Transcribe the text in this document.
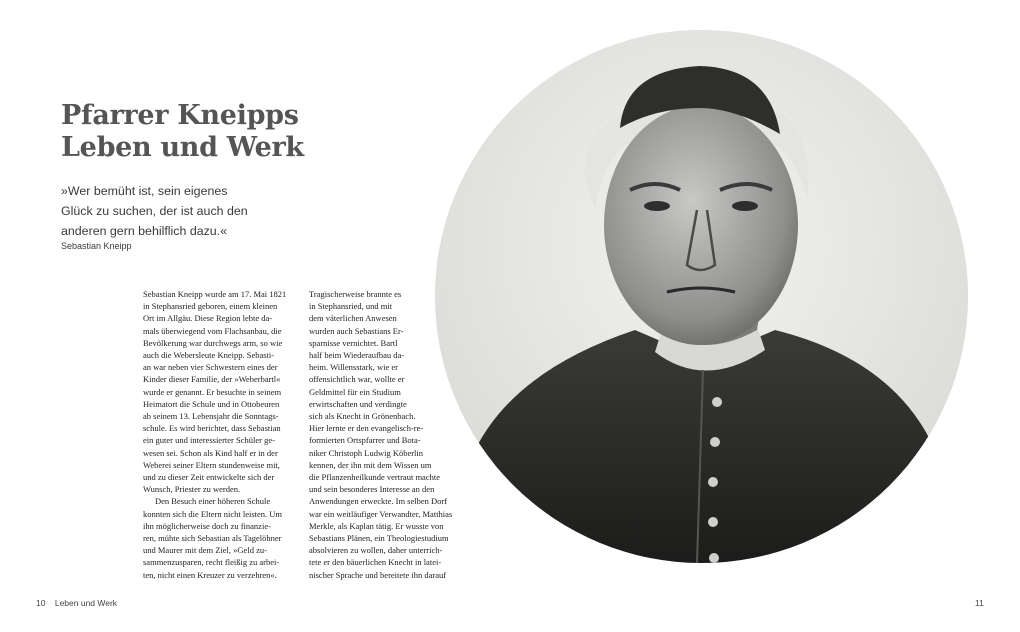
Pfarrer Kneipps
Leben und Werk

»Wer bemüht ist, sein eigenes Glück zu suchen, der ist auch den anderen gern behilflich dazu.«

Sebastian Kneipp
Sebastian Kneipp wurde am 17. Mai 1821
in Stephansried geboren, einem kleinen
Ort im Allgäu. Diese Region lebte da-
mals überwiegend vom Flachsanbau, die
Bevölkerung war durchwegs arm, so wie
auch die Webersleute Kneipp. Sebasti-
an war neben vier Schwestern eines der
Kinder dieser Familie, der »Weberbartl«
wurde er genannt. Er besuchte in seinem
Heimatort die Schule und in Ottobeuren
ab seinem 13. Lebensjahr die Sonntags-
schule. Es wird berichtet, dass Sebastian
ein guter und interessierter Schüler ge-
wesen sei. Schon als Kind half er in der
Weberei seiner Eltern stundenweise mit,
und zu dieser Zeit entwickelte sich der
Wunsch, Priester zu werden.
Den Besuch einer höheren Schule
konnten sich die Eltern nicht leisten. Um
ihn möglicherweise doch zu finanzie-
ren, mühte sich Sebastian als Tagelöhner
und Maurer mit dem Ziel, »Geld zu-
sammenzusparen, recht fleißig zu arbei-
ten, nicht einen Kreuzer zu verzehren«.
Tragischerweise brannte es
in Stephansried, und mit
dem väterlichen Anwesen
wurden auch Sebastians Er-
sparnisse vernichtet. Bartl
half beim Wiederaufbau da-
heim. Willensstark, wie er
offensichtlich war, wollte er
Geldmittel für ein Studium
erwirtschaften und verdingte
sich als Knecht in Grönenbach.
Hier lernte er den evangelisch-re-
formierten Ortspfarrer und Bota-
niker Christoph Ludwig Köberlin
kennen, der ihn mit dem Wissen um
die Pflanzenheilkunde vertraut machte
und sein besonderes Interesse an den
Anwendungen erweckte. Im selben Dorf
war ein weitläufiger Verwandter, Matthias
Merkle, als Kaplan tätig. Er wusste von
Sebastians Plänen, ein Theologiestudium
absolvieren zu wollen, daher unterrich-
tete er den bäuerlichen Knecht in latei-
nischer Sprache und bereitete ihn darauf
10 Leben und Werk	11
